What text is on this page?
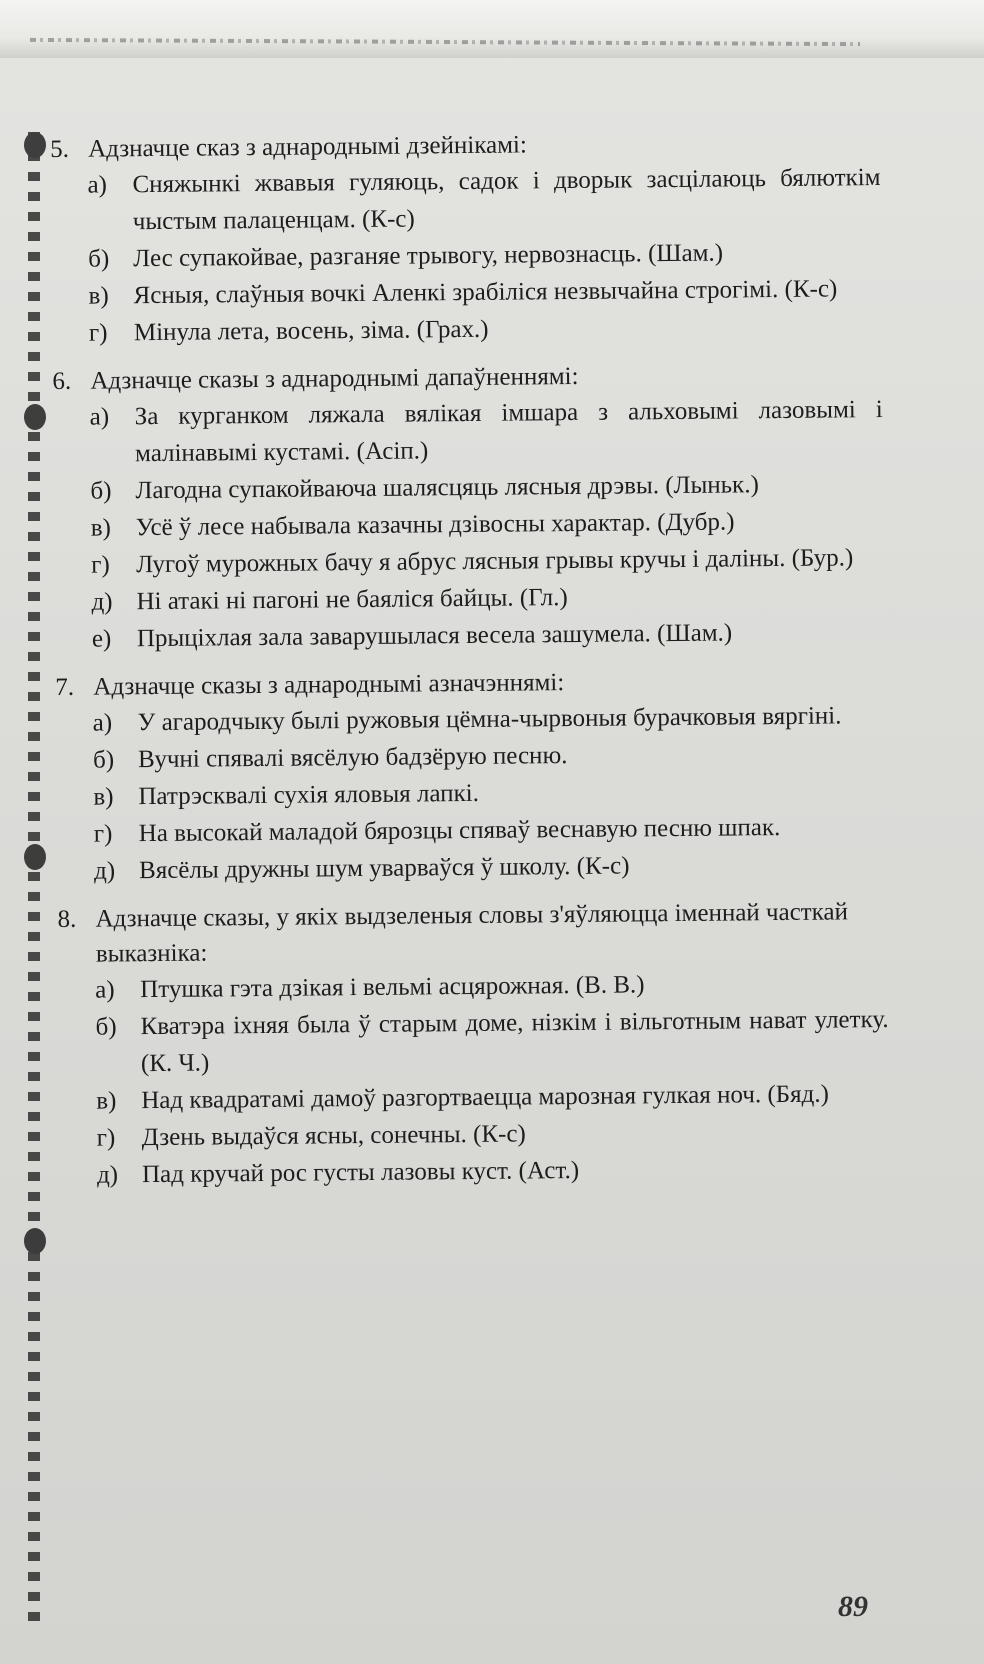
5. Адзначце сказ з аднароднымі дзейнікамі:
а)	Сняжынкі жвавыя гуляюць, садок і дворык засцілаюць бялюткім чыстым палаценцам. (К-с)
б) Лес супакойвае, разганяе трывогу, нервознасць. (Шам.)
в) Ясныя, слаўныя вочкі Аленкі зрабіліся незвычайна строгімі. (К-с)
г)	Мінула лета, восень, зіма. (Грах.)
6. Адзначце сказы з аднароднымі дапаўненнямі:
а)	За курганком ляжала вялікая імшара з альховымі лазовымі і малінавымі кустамі. (Асіп.)
б) Лагодна супакойваюча шалясцяць лясныя дрэвы. (Лыньк.)
в) Усё ў лесе набывала казачны дзівосны характар. (Дубр.)
г)	Лугоў мурожных бачу я абрус лясныя грывы кручы і даліны. (Бур.)
д) Ні атакі ні пагоні не баяліся байцы. (Гл.)
е)	Прыціхлая зала заварушылася весела зашумела. (Шам.)
7. Адзначце сказы з аднароднымі азначэннямі:
а)	У агародчыку былі ружовыя цёмна-чырвоныя бурачковыя вяргіні.
б) Вучні спявалі вясёлую бадзёрую песню.
в) Патрэсквалі сухія яловыя лапкі.
г)	На высокай маладой бярозцы спяваў веснавую песню шпак.
д) Вясёлы дружны шум уварваўся ў школу. (К-с)
8. Адзначце сказы, у якіх выдзеленыя словы з'яўляюцца іменнай часткай выказніка:
а)	Птушка гэта дзікая і вельмі асцярожная. (В. В.)
б) Кватэра іхняя была ў старым доме, нізкім і вільготным нават улетку. (К. Ч.)
в) Над квадратамі дамоў разгортваецца марозная гулкая ноч. (Бяд.)
г)	Дзень выдаўся ясны, сонечны. (К-с)
д) Пад кручай рос густы лазовы куст. (Аст.)
89
